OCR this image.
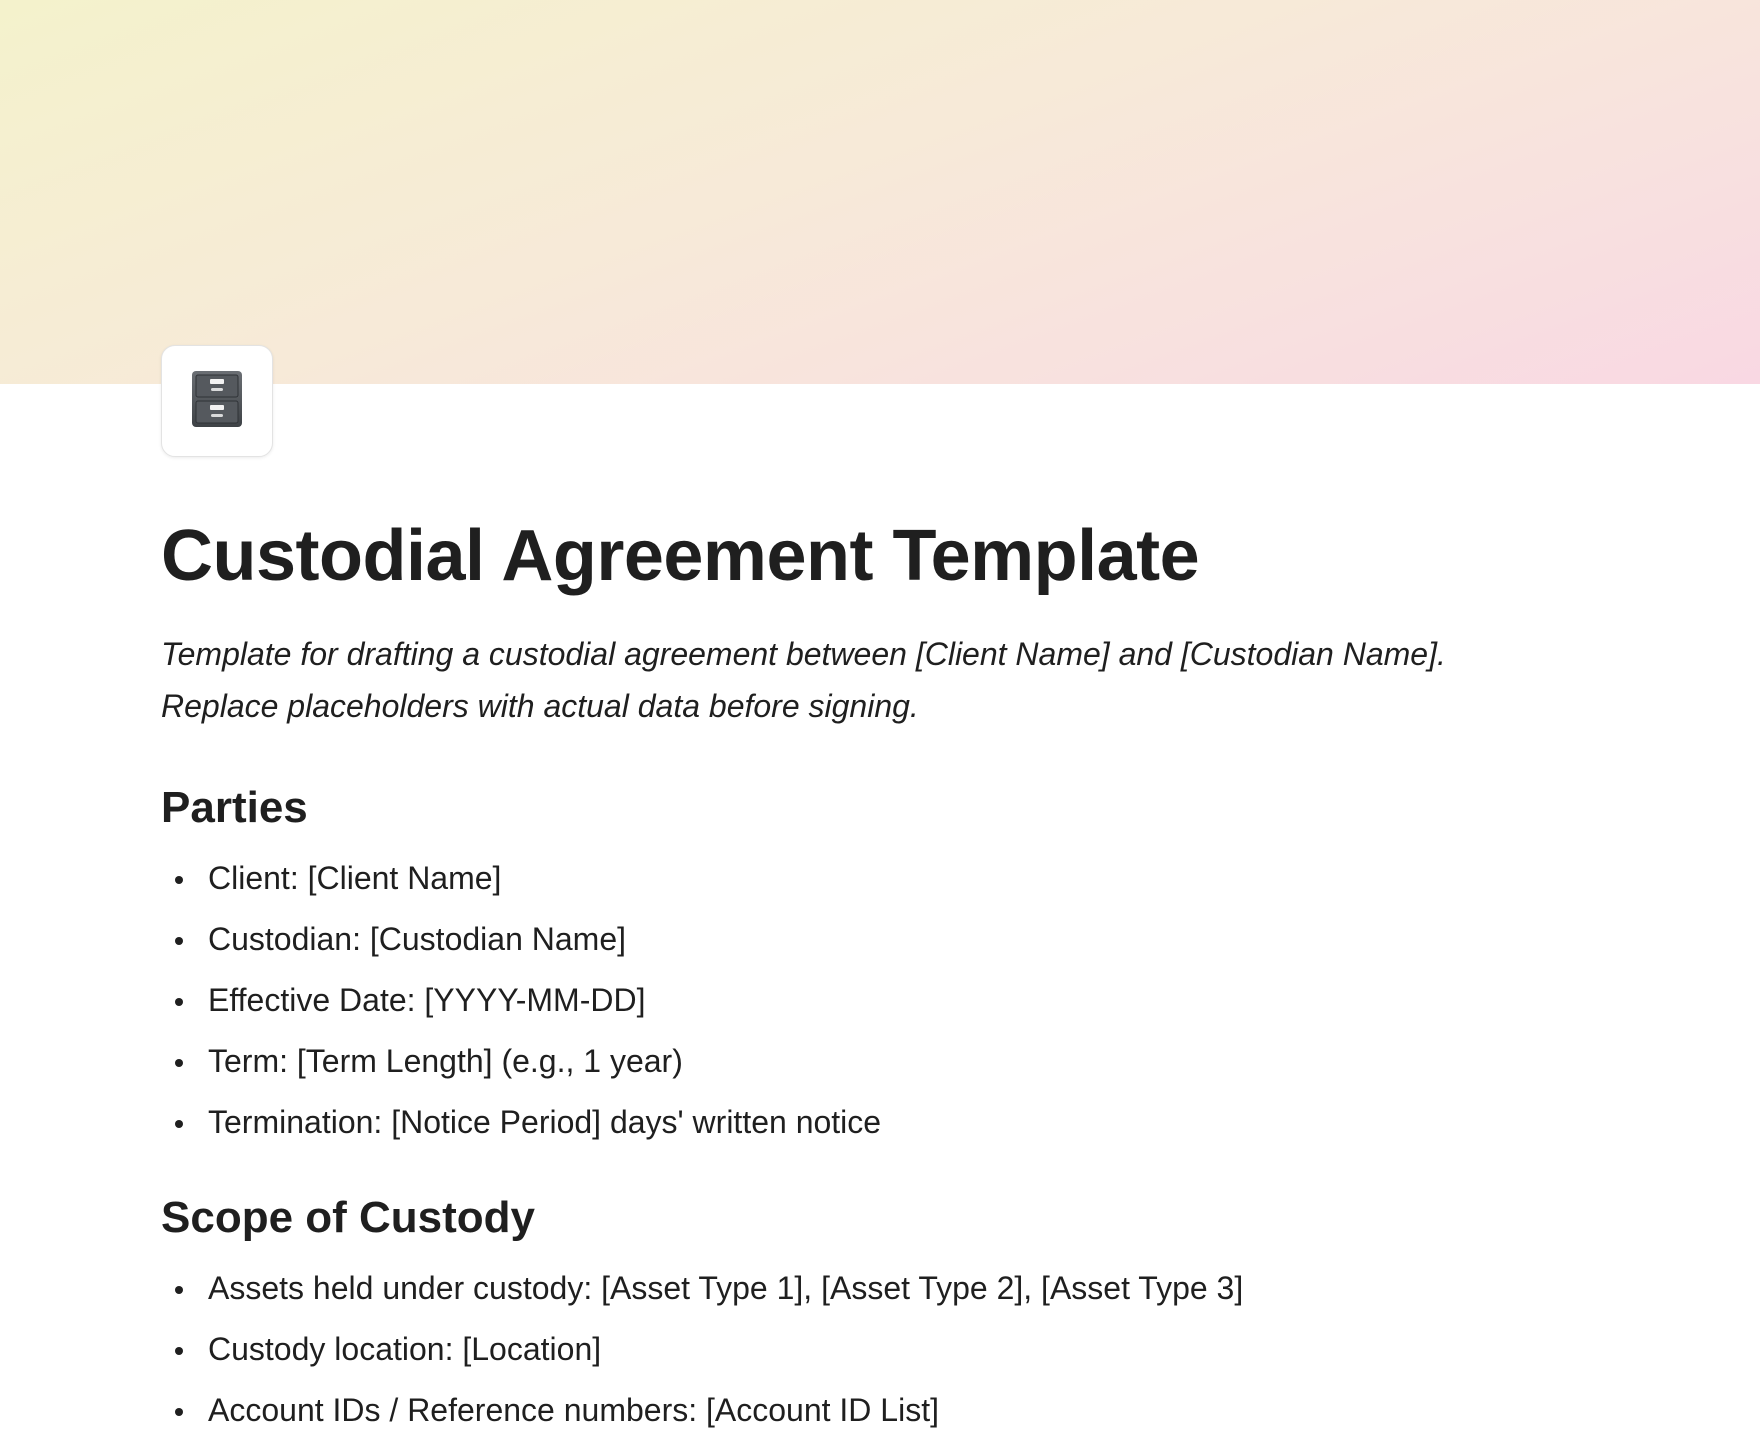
Custodial Agreement Template

Template for drafting a custodial agreement between [Client Name] and [Custodian Name].
Replace placeholders with actual data before signing.

Parties
Client: [Client Name]
Custodian: [Custodian Name]
Effective Date: [YYYY-MM-DD]
Term: [Term Length] (e.g., 1 year)
Termination: [Notice Period] days' written notice
Scope of Custody
Assets held under custody: [Asset Type 1], [Asset Type 2], [Asset Type 3]
Custody location: [Location]
Account IDs / Reference numbers: [Account ID List]
